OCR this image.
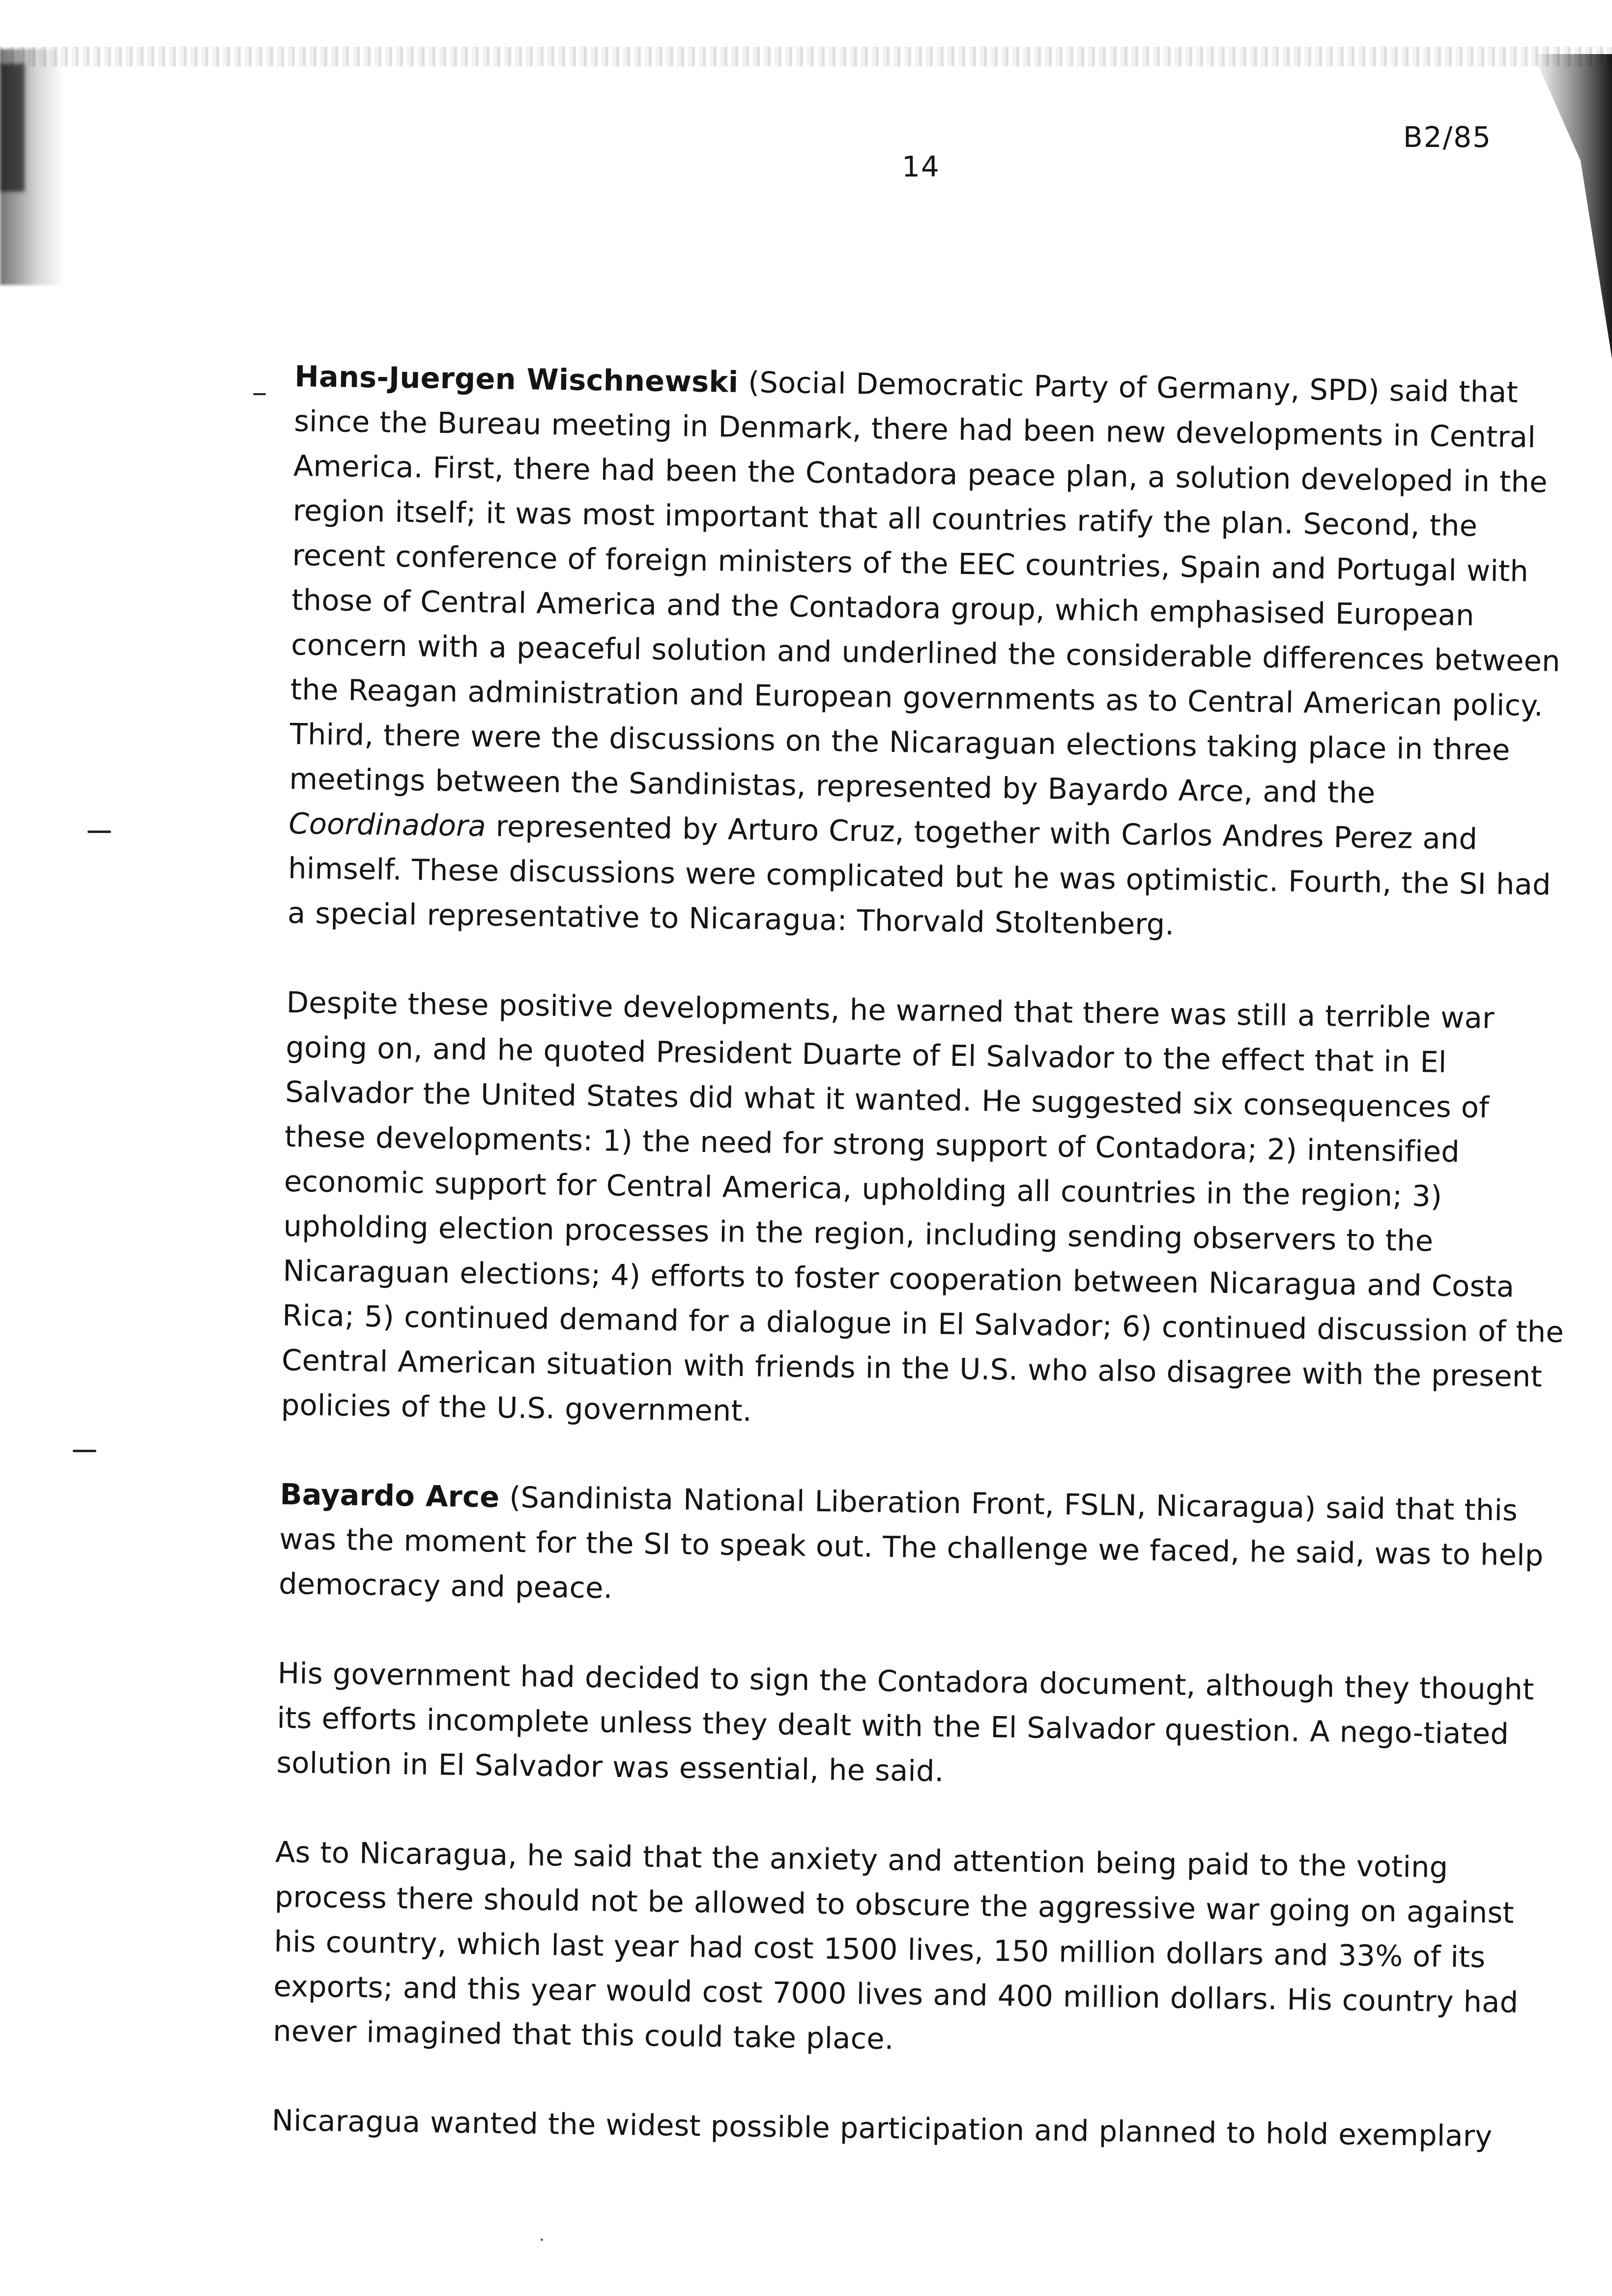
14
B2/85

Hans-Juergen Wischnewski (Social Democratic Party of Germany, SPD) said that since the Bureau meeting in Denmark, there had been new developments in Central America. First, there had been the Contadora peace plan, a solution developed in the region itself; it was most important that all countries ratify the plan. Second, the recent conference of foreign ministers of the EEC countries, Spain and Portugal with those of Central America and the Contadora group, which emphasised European concern with a peaceful solution and underlined the considerable differences between the Reagan administration and European governments as to Central American policy. Third, there were the discussions on the Nicaraguan elections taking place in three meetings between the Sandinistas, represented by Bayardo Arce, and the Coordinadora represented by Arturo Cruz, together with Carlos Andres Perez and himself. These discussions were complicated but he was optimistic. Fourth, the SI had a special representative to Nicaragua: Thorvald Stoltenberg.

Despite these positive developments, he warned that there was still a terrible war going on, and he quoted President Duarte of El Salvador to the effect that in El Salvador the United States did what it wanted. He suggested six consequences of these developments: 1) the need for strong support of Contadora; 2) intensified economic support for Central America, upholding all countries in the region; 3) upholding election processes in the region, including sending observers to the Nicaraguan elections; 4) efforts to foster cooperation between Nicaragua and Costa Rica; 5) continued demand for a dialogue in El Salvador; 6) continued discussion of the Central American situation with friends in the U.S. who also disagree with the present policies of the U.S. government.

Bayardo Arce (Sandinista National Liberation Front, FSLN, Nicaragua) said that this was the moment for the SI to speak out. The challenge we faced, he said, was to help democracy and peace.

His government had decided to sign the Contadora document, although they thought its efforts incomplete unless they dealt with the El Salvador question. A nego-tiated solution in El Salvador was essential, he said.

As to Nicaragua, he said that the anxiety and attention being paid to the voting process there should not be allowed to obscure the aggressive war going on against his country, which last year had cost 1500 lives, 150 million dollars and 33% of its exports; and this year would cost 7000 lives and 400 million dollars. His country had never imagined that this could take place.

Nicaragua wanted the widest possible participation and planned to hold exemplary
